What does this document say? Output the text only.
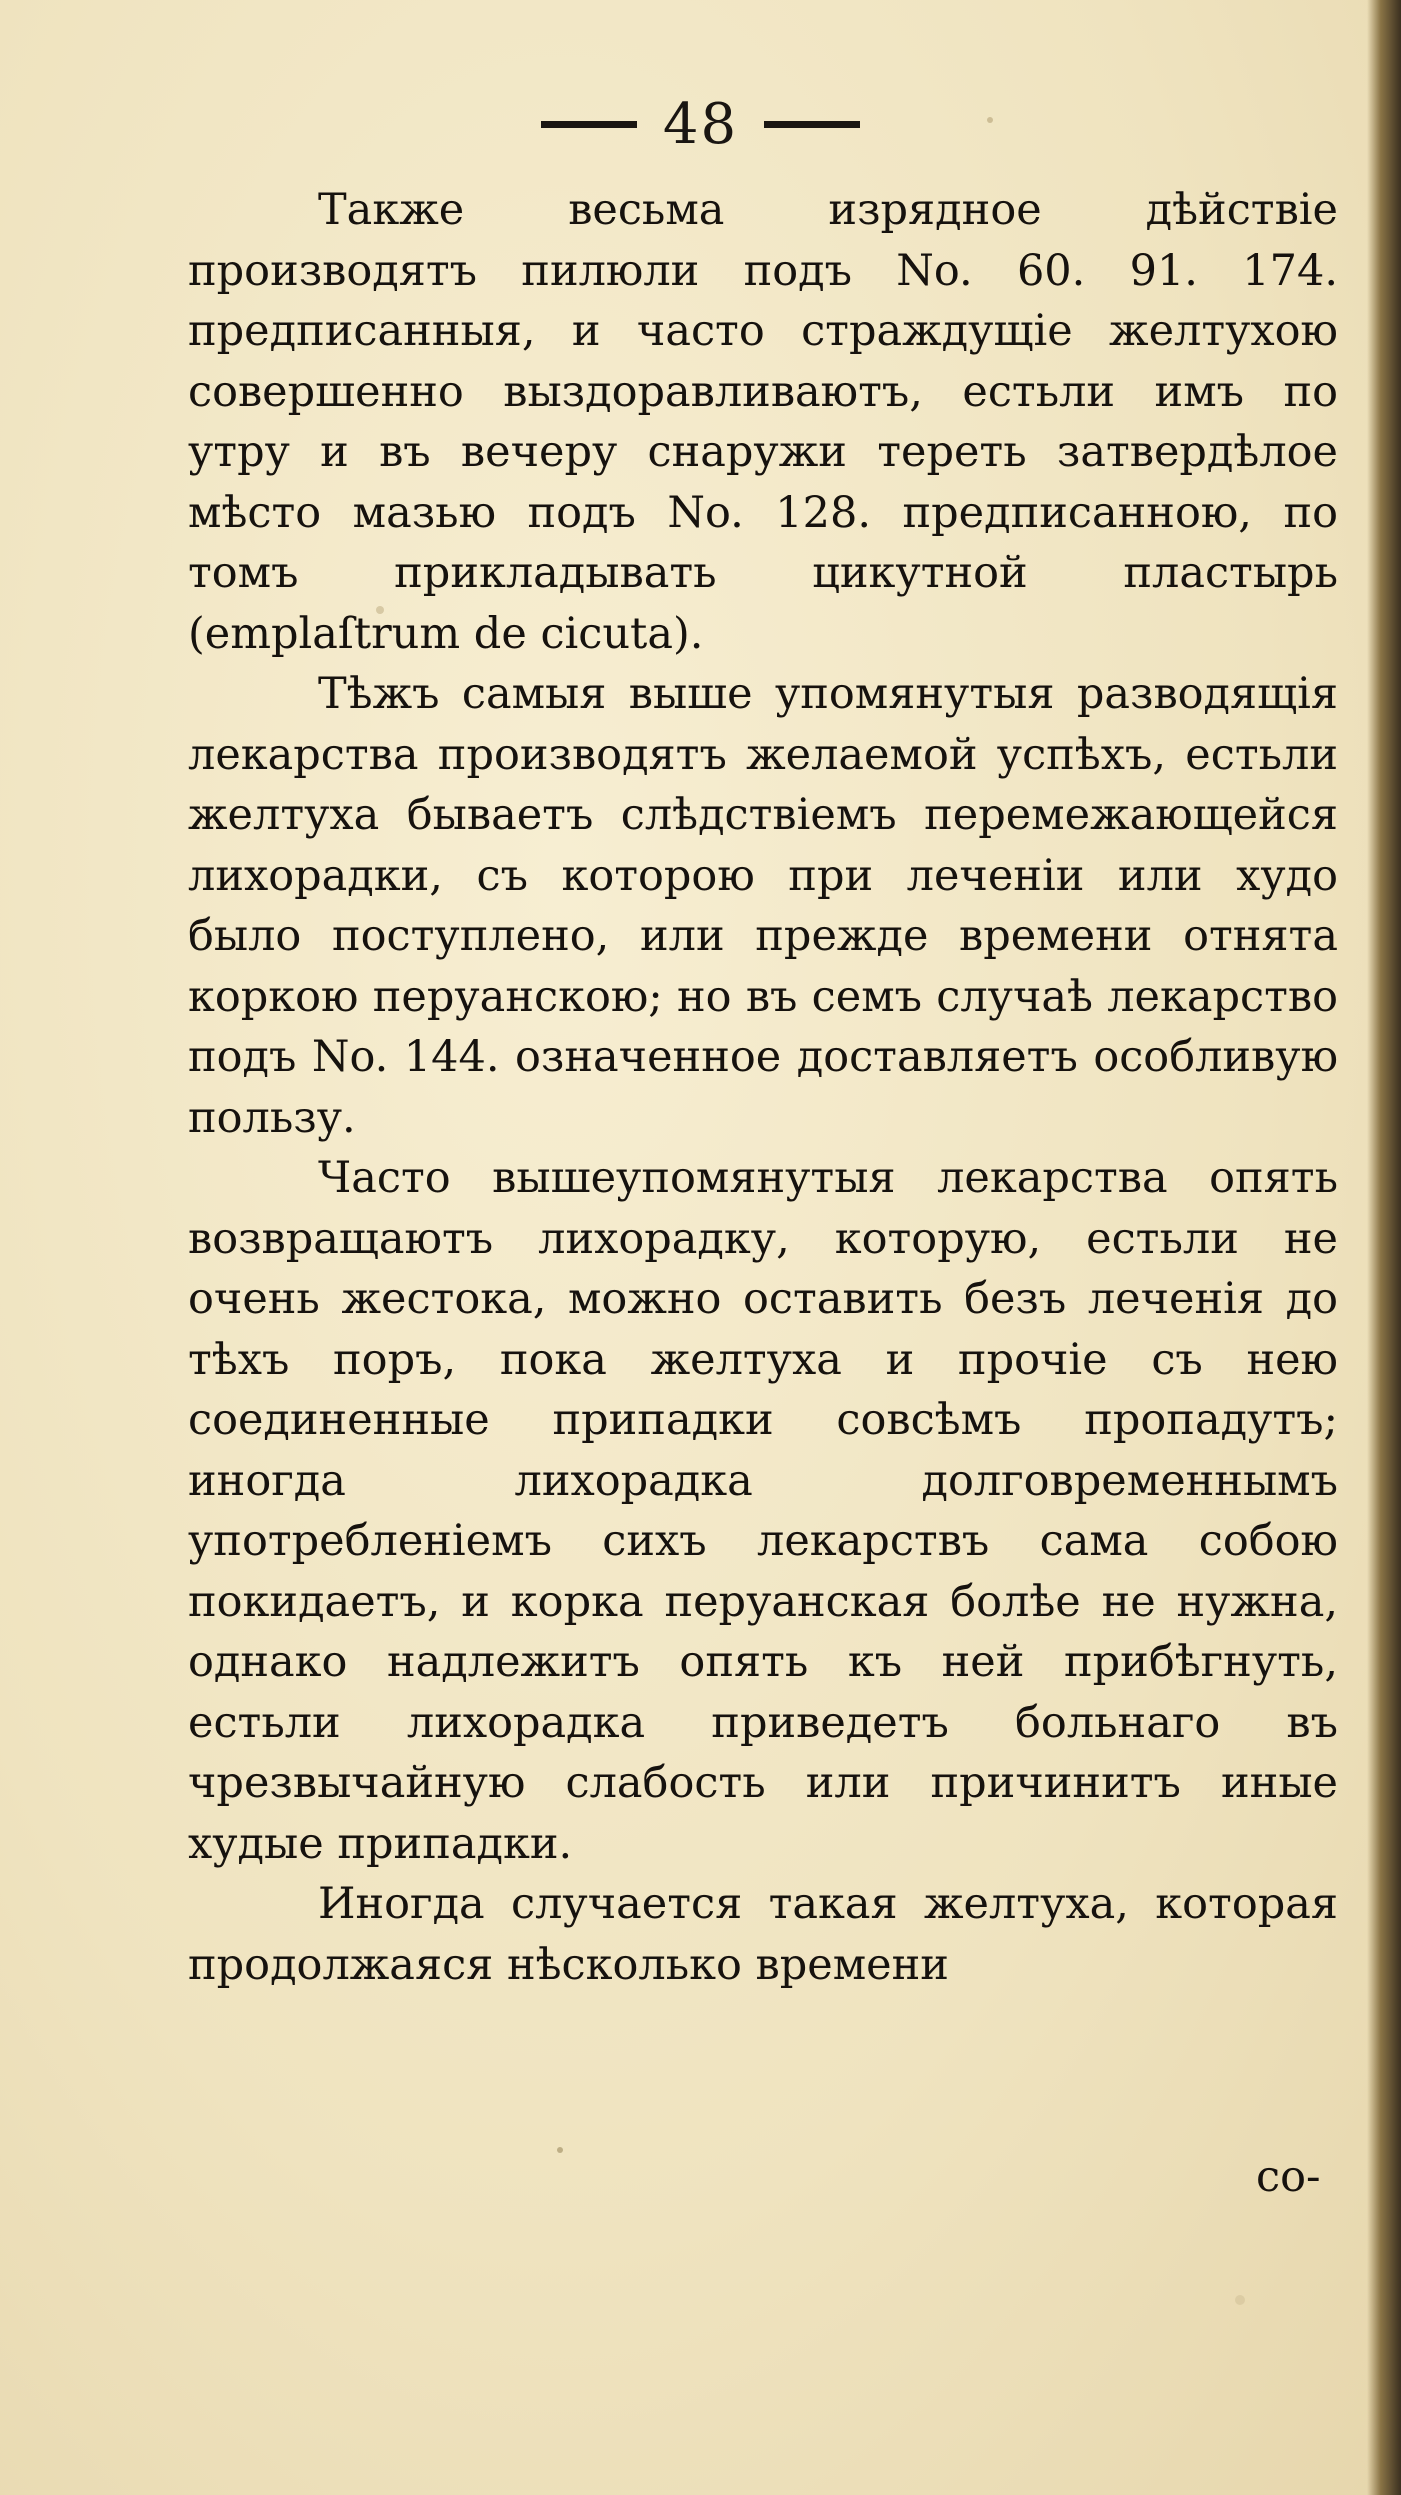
48

Также весьма изрядное дѣйствіе производятъ пилюли подъ No. 60. 91. 174. предписанныя, и часто страждущіе желтухою совершенно выздоравливаютъ, естьли имъ по утру и въ вечеру снаружи тереть затвердѣлое мѣсто мазью подъ No. 128. предписанною, по томъ прикладывать цикутной пластырь (emplaſtrum de cicuta).

Тѣжъ самыя выше упомянутыя разводящія лекарства производятъ желаемой успѣхъ, естьли желтуха бываетъ слѣдствіемъ перемежающейся лихорадки, съ которою при леченіи или худо было поступлено, или прежде времени отнята коркою перуанскою; но въ семъ случаѣ лекарство подъ No. 144. означенное доставляетъ особливую пользу.

Часто вышеупомянутыя лекарства опять возвращаютъ лихорадку, которую, естьли не очень жестока, можно оставить безъ леченія до тѣхъ поръ, пока желтуха и прочіе съ нею соединенные припадки совсѣмъ пропадутъ; иногда лихорадка долговременнымъ употребленіемъ сихъ лекарствъ сама собою покидаетъ, и корка перуанская болѣе не нужна, однако надлежитъ опять къ ней прибѣгнуть, естьли лихорадка приведетъ больнаго въ чрезвычайную слабость или причинитъ иные худые припадки.

Иногда случается такая желтуха, которая продолжаяся нѣсколько времени

со-
